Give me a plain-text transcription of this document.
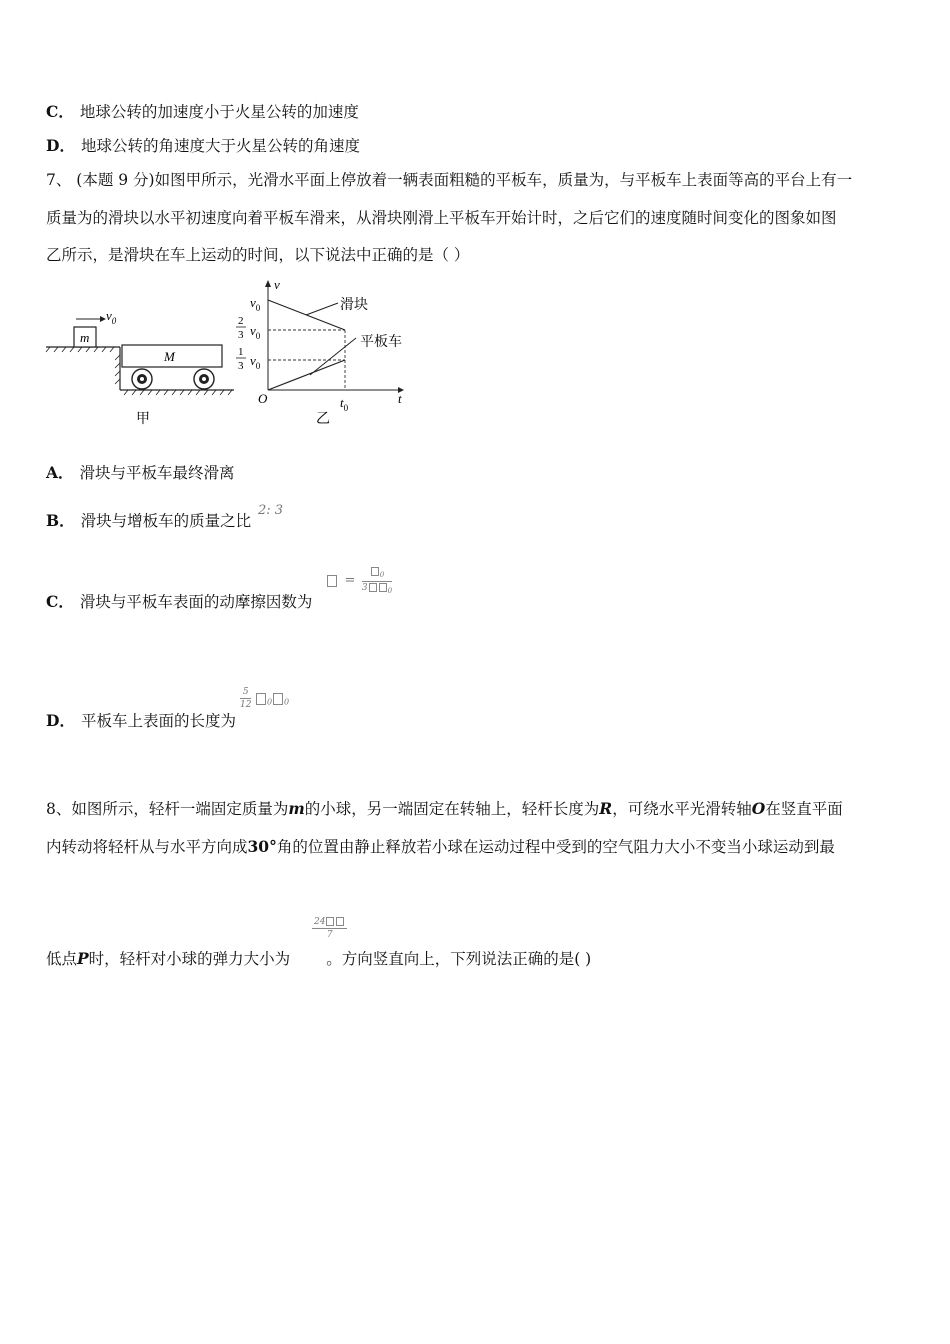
C． 地球公转的加速度小于火星公转的加速度
D． 地球公转的角速度大于火星公转的角速度
7、 (本题 9 分)如图甲所示，光滑水平面上停放着一辆表面粗糙的平板车，质量为，与平板车上表面等高的平台上有一
质量为的滑块以水平初速度向着平板车滑来，从滑块刚滑上平板车开始计时，之后它们的速度随时间变化的图象如图
乙所示，是滑块在车上运动的时间，以下说法中正确的是（ ）
m
$v_0$
M
甲
v
t
O
滑块
平板车
$v_0$
2
3 $v_0$
1
3 $v_0$
$t_0$
乙
A． 滑块与平板车最终滑离
B． 滑块与增板车的质量之比
2: 3
C． 滑块与平板车表面的动摩擦因数为
= $_0$
3	$_0$
D． 平板车上表面的长度为
$\frac{5}{12} _0$ $_0$
8、如图所示，轻杆一端固定质量为m的小球，另一端固定在转轴上，轻杆长度为R，可绕水平光滑转轴O在竖直平面
内转动将轻杆从与水平方向成30°角的位置由静止释放若小球在运动过程中受到的空气阻力大小不变当小球运动到最
低点P时，轻杆对小球的弹力大小为 。方向竖直向上，下列说法正确的是( )
$\frac{24}{7}$
